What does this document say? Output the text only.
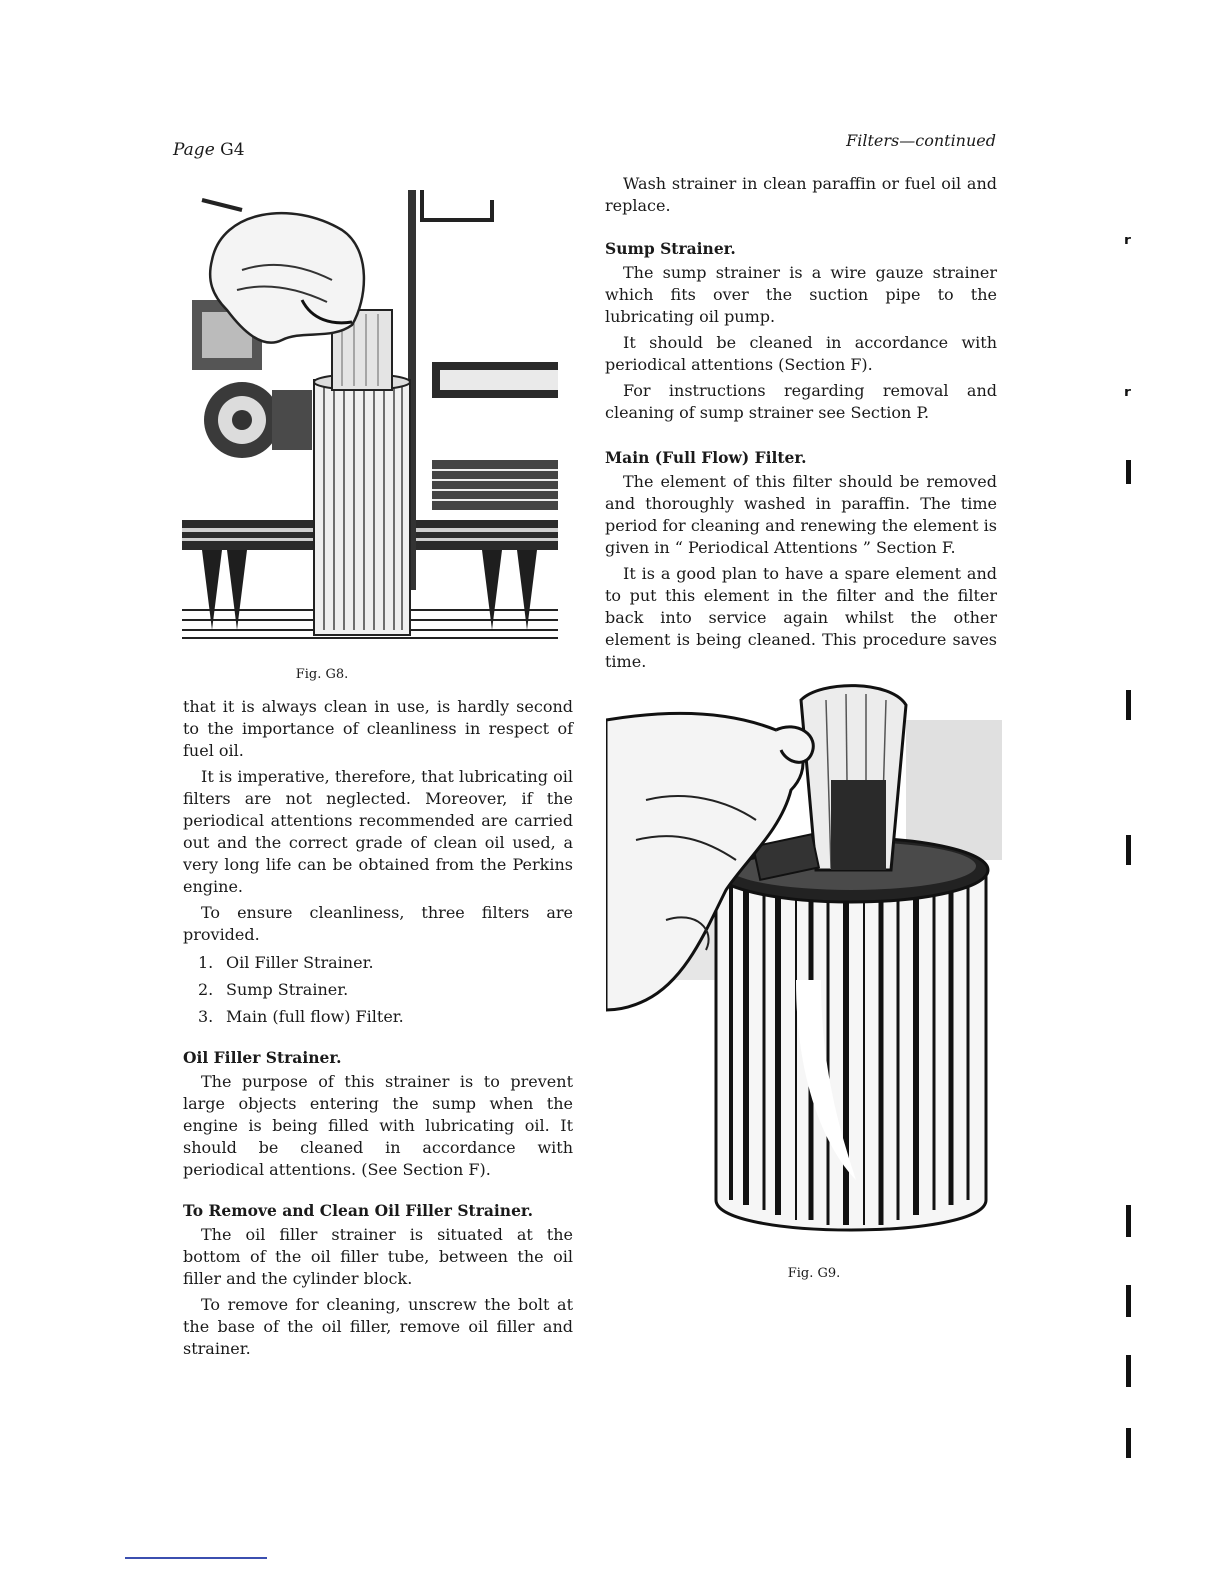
Page G4	Filters—continued
Fig. G8.

that it is always clean in use, is hardly second to the importance of cleanliness in respect of fuel oil.

It is imperative, therefore, that lubricating oil filters are not neglected. Moreover, if the periodical attentions recommended are carried out and the correct grade of clean oil used, a very long life can be obtained from the Perkins engine.

To ensure cleanliness, three filters are provided.

1. Oil Filler Strainer.
2. Sump Strainer.
3. Main (full flow) Filter.

Oil Filler Strainer.

The purpose of this strainer is to prevent large objects entering the sump when the engine is being filled with lubricating oil. It should be cleaned in accordance with periodical attentions. (See Section F).

To Remove and Clean Oil Filler Strainer.

The oil filler strainer is situated at the bottom of the oil filler tube, between the oil filler and the cylinder block.

To remove for cleaning, unscrew the bolt at the base of the oil filler, remove oil filler and strainer.

Wash strainer in clean paraffin or fuel oil and replace.

Sump Strainer.

The sump strainer is a wire gauze strainer which fits over the suction pipe to the lubricating oil pump.

It should be cleaned in accordance with periodical attentions (Section F).

For instructions regarding removal and cleaning of sump strainer see Section P.

Main (Full Flow) Filter.

The element of this filter should be removed and thoroughly washed in paraffin. The time period for cleaning and renewing the element is given in “ Periodical Attentions ” Section F.

It is a good plan to have a spare element and to put this element in the filter and the filter back into service again whilst the other element is being cleaned. This procedure saves time.

Fig. G9.
ʳ
ʳ
